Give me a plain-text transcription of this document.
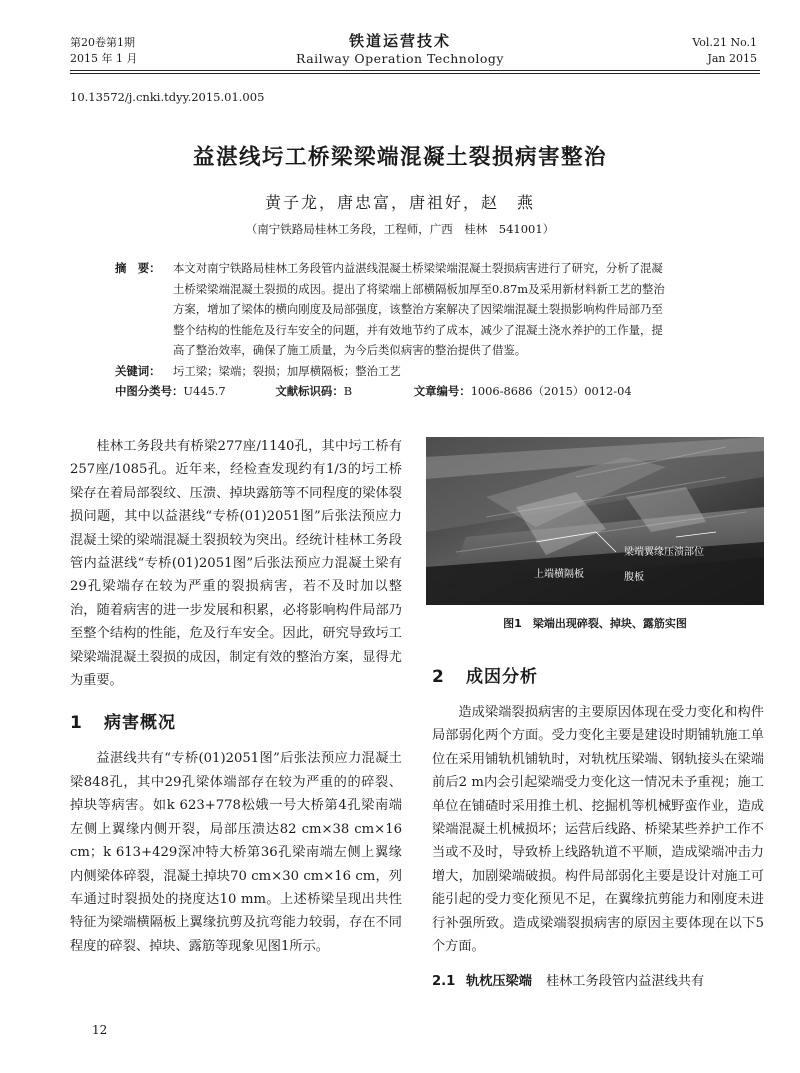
第20卷第1期
2015 年 1 月
铁道运营技术
Railway Operation Technology
Vol.21 No.1
Jan 2015
10.13572/j.cnki.tdyy.2015.01.005
益湛线圬工桥梁梁端混凝土裂损病害整治
黄子龙，唐忠富，唐祖好，赵　燕
（南宁铁路局桂林工务段，工程师，广西　桂林　541001）
摘　要：	本文对南宁铁路局桂林工务段管内益湛线混凝土桥梁梁端混凝土裂损病害进行了研究，分析了混凝
土桥梁梁端混凝土裂损的成因。提出了将梁端上部横隔板加厚至0.87m及采用新材料新工艺的整治
方案，增加了梁体的横向刚度及局部强度，该整治方案解决了因梁端混凝土裂损影响构件局部乃至
整个结构的性能危及行车安全的问题，并有效地节约了成本，减少了混凝土浇水养护的工作量，提
高了整治效率，确保了施工质量，为今后类似病害的整治提供了借鉴。
关键词：	圬工梁；梁端；裂损；加厚横隔板；整治工艺
中图分类号： U445.7	文献标识码： B	文章编号： 1006-8686（2015）0012-04

桂林工务段共有桥梁277座/1140孔，其中圬工桥有257座/1085孔。近年来，经检查发现约有1/3的圬工桥梁存在着局部裂纹、压溃、掉块露筋等不同程度的梁体裂损问题，其中以益湛线“专桥(01)2051图”后张法预应力混凝土梁的梁端混凝土裂损较为突出。经统计桂林工务段管内益湛线“专桥(01)2051图”后张法预应力混凝土梁有29孔梁端存在较为严重的裂损病害，若不及时加以整治，随着病害的进一步发展和积累，必将影响构件局部乃至整个结构的性能，危及行车安全。因此，研究导致圬工梁梁端混凝土裂损的成因，制定有效的整治方案，显得尤为重要。

1 病害概况

益湛线共有“专桥(01)2051图”后张法预应力混凝土梁848孔，其中29孔梁体端部存在较为严重的的碎裂、掉块等病害。如k 623+778松娥一号大桥第4孔梁南端左侧上翼缘内侧开裂，局部压溃达82 cm×38 cm×16 cm；k 613+429深冲特大桥第36孔梁南端左侧上翼缘内侧梁体碎裂，混凝土掉块70 cm×30 cm×16 cm，列车通过时裂损处的挠度达10 mm。上述桥梁呈现出共性特征为梁端横隔板上翼缘抗剪及抗弯能力较弱，存在不同程度的碎裂、掉块、露筋等现象见图1所示。

梁端翼缘压溃部位
上端横隔板	腹板
图1　梁端出现碎裂、掉块、露筋实图
2 成因分析

造成梁端裂损病害的主要原因体现在受力变化和构件局部弱化两个方面。受力变化主要是建设时期铺轨施工单位在采用铺轨机铺轨时，对轨枕压梁端、钢轨接头在梁端前后2 m内会引起梁端受力变化这一情况未予重视；施工单位在铺碴时采用推土机、挖掘机等机械野蛮作业，造成梁端混凝土机械损坏；运营后线路、桥梁某些养护工作不当或不及时，导致桥上线路轨道不平顺，造成梁端冲击力增大，加剧梁端破损。构件局部弱化主要是设计对施工可能引起的受力变化预见不足，在翼缘抗剪能力和刚度未进行补强所致。造成梁端裂损病害的原因主要体现在以下5个方面。

2.1 轨枕压梁端 桂林工务段管内益湛线共有

12
